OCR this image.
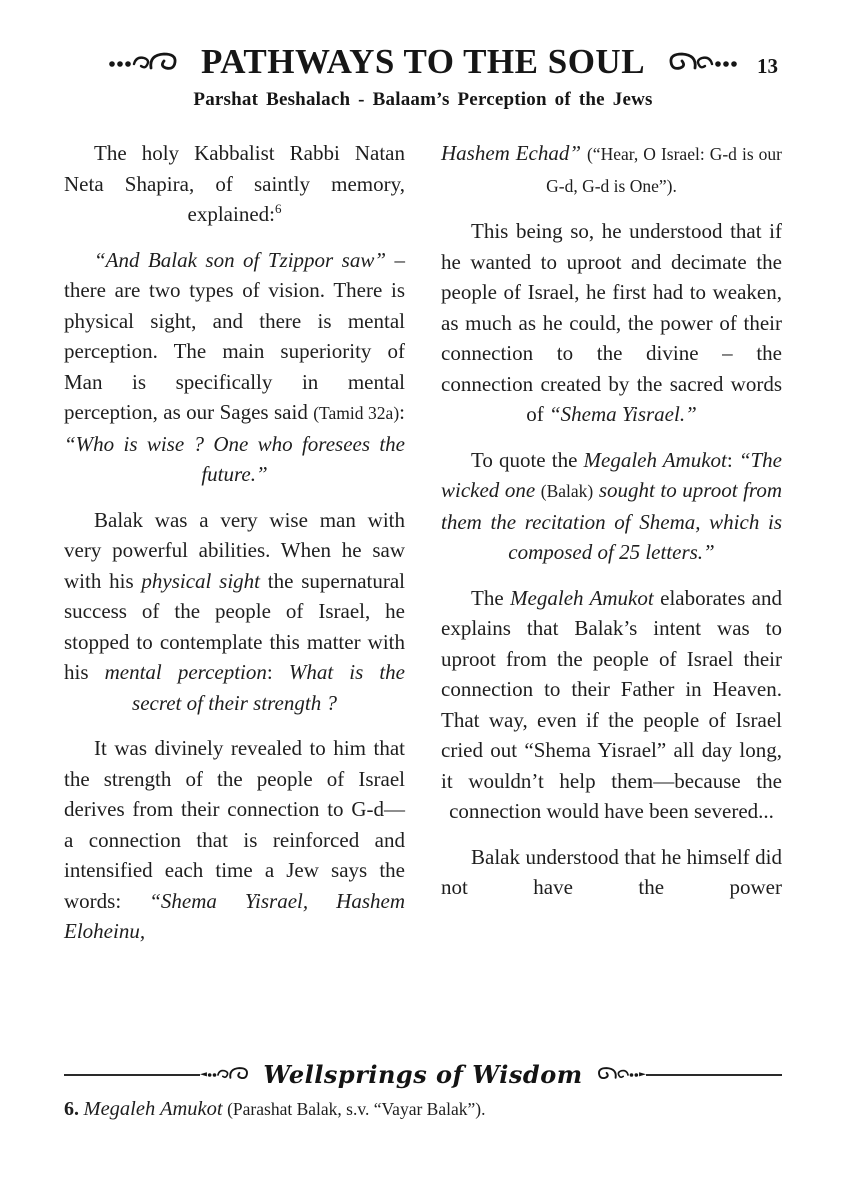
PATHWAYS TO THE SOUL	13
Parshat Beshalach - Balaam’s Perception of the Jews

The holy Kabbalist Rabbi Natan Neta Shapira, of saintly memory, explained:$^6$

“And Balak son of Tzippor saw” – there are two types of vision. There is physical sight, and there is mental perception. The main superiority of Man is specifically in mental perception, as our Sages said (Tamid 32a): “Who is wise ? One who foresees the future.”

Balak was a very wise man with very powerful abilities. When he saw with his physical sight the supernatural success of the people of Israel, he stopped to contemplate this matter with his mental perception: What is the secret of their strength ?

It was divinely revealed to him that the strength of the people of Israel derives from their connection to G-d— a connection that is reinforced and intensified each time a Jew says the words: “Shema Yisrael, Hashem Eloheinu,

Hashem Echad” (“Hear, O Israel: G-d is our G-d, G-d is One”).

This being so, he understood that if he wanted to uproot and decimate the people of Israel, he first had to weaken, as much as he could, the power of their connection to the divine – the connection created by the sacred words of “Shema Yisrael.”

To quote the Megaleh Amukot: “The wicked one (Balak) sought to uproot from them the recitation of Shema, which is composed of 25 letters.”

The Megaleh Amukot elaborates and explains that Balak’s intent was to uproot from the people of Israel their connection to their Father in Heaven. That way, even if the people of Israel cried out “Shema Yisrael” all day long, it wouldn’t help them—because the connection would have been severed...

Balak understood that he himself did not have the power

Wellsprings of Wisdom
6. Megaleh Amukot (Parashat Balak, s.v. “Vayar Balak”).
